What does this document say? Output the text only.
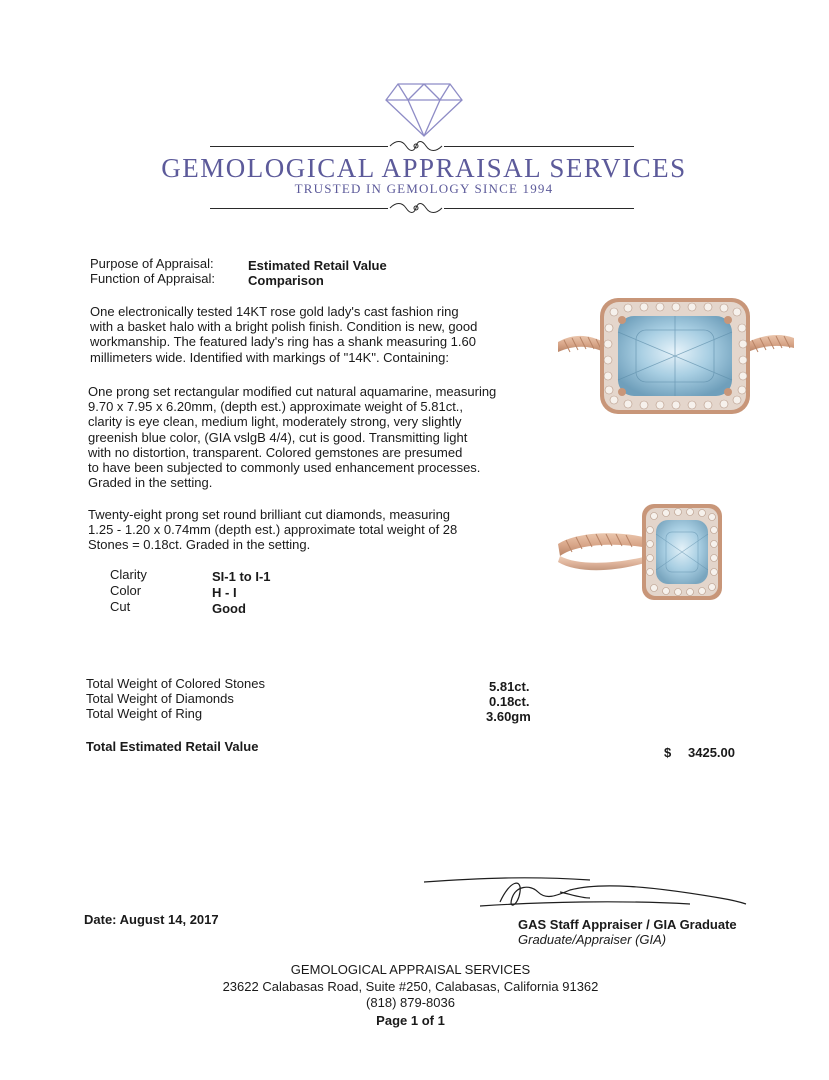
GEMOLOGICAL APPRAISAL SERVICES
TRUSTED IN GEMOLOGY SINCE 1994
Purpose of Appraisal:	Estimated Retail Value
Function of Appraisal:	Comparison
One electronically tested 14KT rose gold lady's cast fashion ring
with a basket halo with a bright polish finish. Condition is new, good
workmanship. The featured lady's ring has a shank measuring 1.60
millimeters wide. Identified with markings of "14K". Containing:
One prong set rectangular modified cut natural aquamarine, measuring
9.70 x 7.95 x 6.20mm, (depth est.) approximate weight of 5.81ct.,
clarity is eye clean, medium light, moderately strong, very slightly
greenish blue color, (GIA vslgB 4/4), cut is good. Transmitting light
with no distortion, transparent. Colored gemstones are presumed
to have been subjected to commonly used enhancement processes.
Graded in the setting.
Twenty-eight prong set round brilliant cut diamonds, measuring
1.25 - 1.20 x 0.74mm (depth est.) approximate total weight of 28
Stones = 0.18ct. Graded in the setting.
Clarity	SI-1 to I-1
Color	H - I
Cut	Good
Total Weight of Colored Stones	5.81ct.
Total Weight of Diamonds	0.18ct.
Total Weight of Ring	3.60gm
Total Estimated Retail Value	$ 3425.00
Date: August 14, 2017	GAS Staff Appraiser / GIA Graduate
Graduate/Appraiser (GIA)
GEMOLOGICAL APPRAISAL SERVICES
23622 Calabasas Road, Suite #250, Calabasas, California 91362
(818) 879-8036
Page 1 of 1
